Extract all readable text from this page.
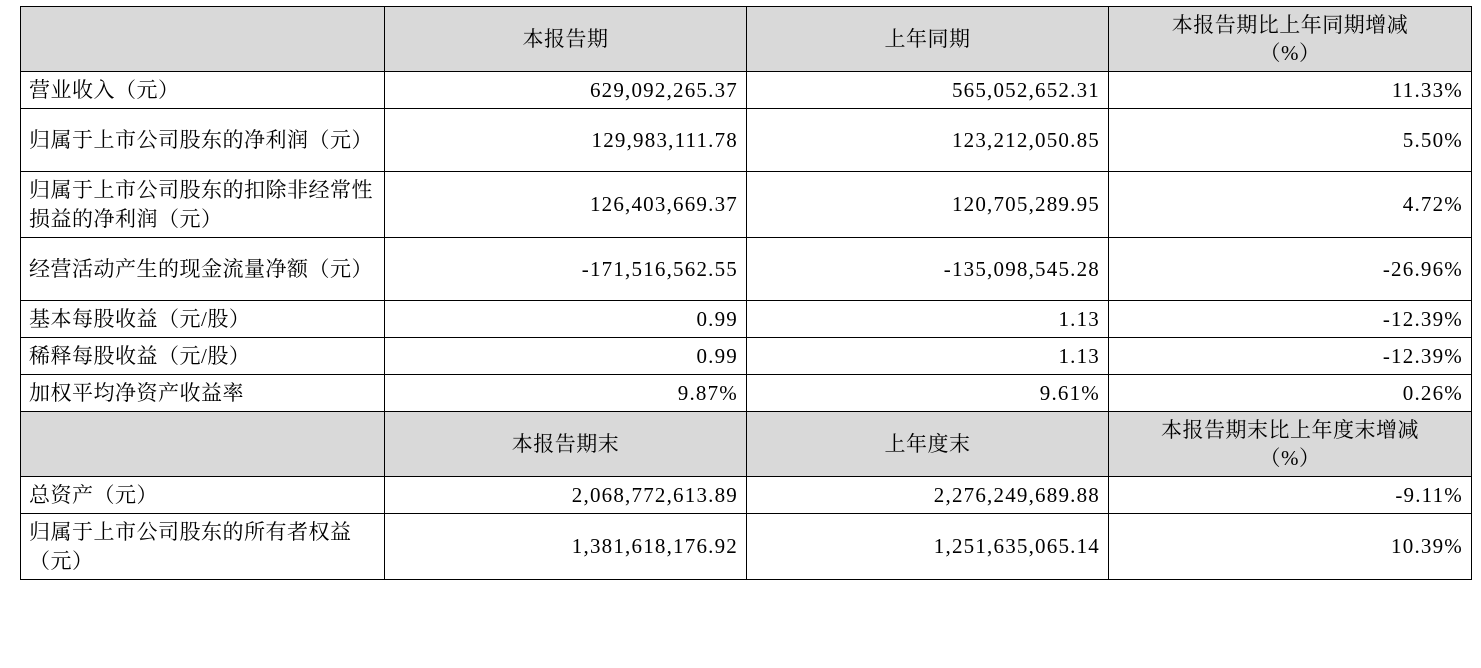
	本报告期	上年同期	本报告期比上年同期增减
（%）

营业收入（元）	629,092,265.37	565,052,652.31	11.33%
归属于上市公司股东的净利润（元）	129,983,111.78	123,212,050.85	5.50%
归属于上市公司股东的扣除非经常性损益的净利润（元）	126,403,669.37	120,705,289.95	4.72%
经营活动产生的现金流量净额（元）	-171,516,562.55	-135,098,545.28	-26.96%
基本每股收益（元/股）	0.99	1.13	-12.39%
稀释每股收益（元/股）	0.99	1.13	-12.39%
加权平均净资产收益率	9.87%	9.61%	0.26%
	本报告期末	上年度末	本报告期末比上年度末增减
（%）

总资产（元）	2,068,772,613.89	2,276,249,689.88	-9.11%
归属于上市公司股东的所有者权益（元）	1,381,618,176.92	1,251,635,065.14	10.39%
